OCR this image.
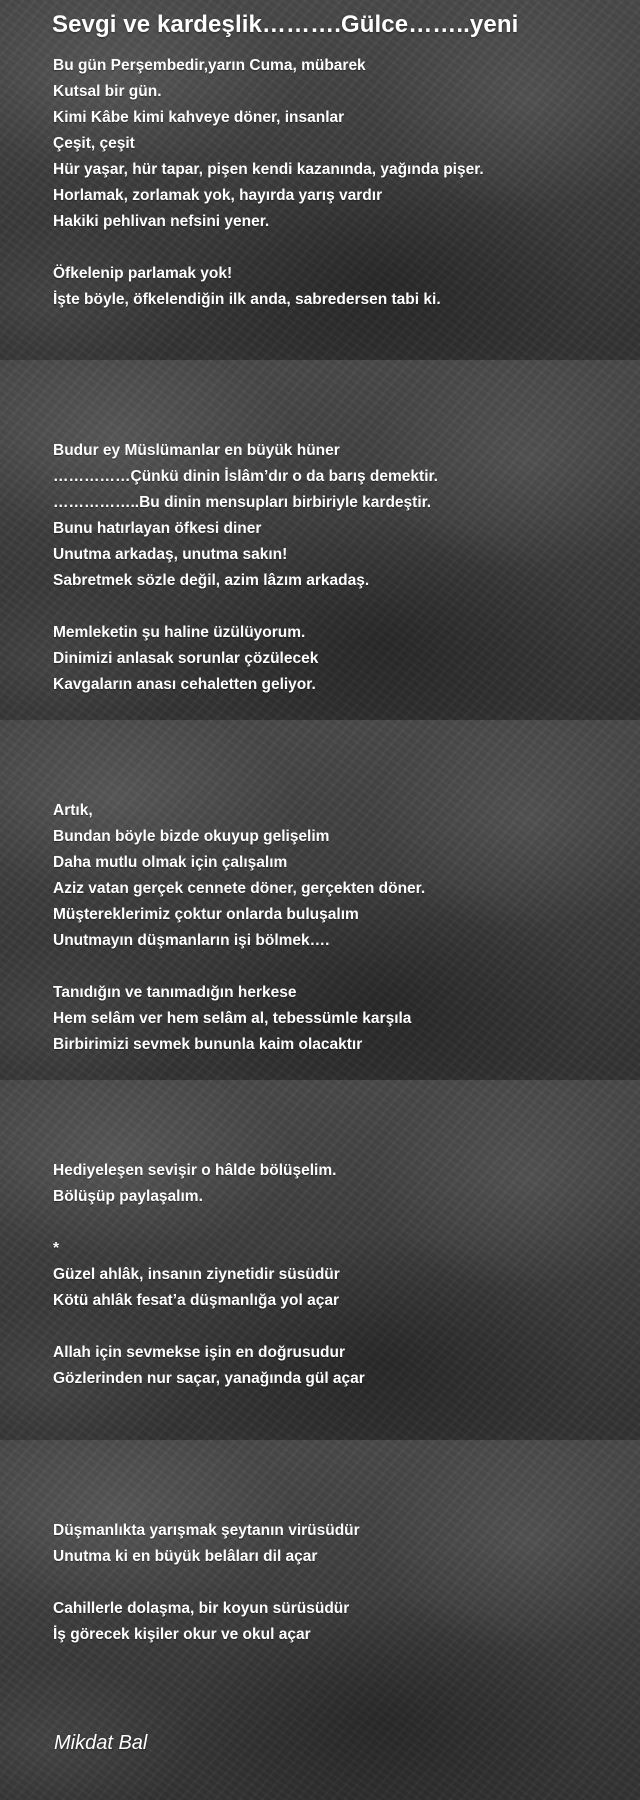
Sevgi ve kardeşlik……….Gülce……..yeni
Bu gün Perşembedir,yarın Cuma, mübarek
Kutsal bir gün.
Kimi Kâbe kimi kahveye döner, insanlar
Çeşit, çeşit
Hür yaşar, hür tapar, pişen kendi kazanında, yağında pişer.
Horlamak, zorlamak yok, hayırda yarış vardır
Hakiki pehlivan nefsini yener.
Öfkelenip parlamak yok!
İşte böyle, öfkelendiğin ilk anda, sabredersen tabi ki.
Budur ey Müslümanlar en büyük hüner
……………Çünkü dinin İslâm’dır o da barış demektir.
……………..Bu dinin mensupları birbiriyle kardeştir.
Bunu hatırlayan öfkesi diner
Unutma arkadaş, unutma sakın!
Sabretmek sözle değil, azim lâzım arkadaş.
Memleketin şu haline üzülüyorum.
Dinimizi anlasak sorunlar çözülecek
Kavgaların anası cehaletten geliyor.
Artık,
Bundan böyle bizde okuyup gelişelim
Daha mutlu olmak için çalışalım
Aziz vatan gerçek cennete döner, gerçekten döner.
Müştereklerimiz çoktur onlarda buluşalım
Unutmayın düşmanların işi bölmek….
Tanıdığın ve tanımadığın herkese
Hem selâm ver hem selâm al, tebessümle karşıla
Birbirimizi sevmek bununla kaim olacaktır
Hediyeleşen sevişir o hâlde bölüşelim.
Bölüşüp paylaşalım.
*
Güzel ahlâk, insanın ziynetidir süsüdür
Kötü ahlâk fesat’a düşmanlığa yol açar
Allah için sevmekse işin en doğrusudur
Gözlerinden nur saçar, yanağında gül açar
Düşmanlıkta yarışmak şeytanın virüsüdür
Unutma ki en büyük belâları dil açar
Cahillerle dolaşma, bir koyun sürüsüdür
İş görecek kişiler okur ve okul açar
Mikdat Bal
